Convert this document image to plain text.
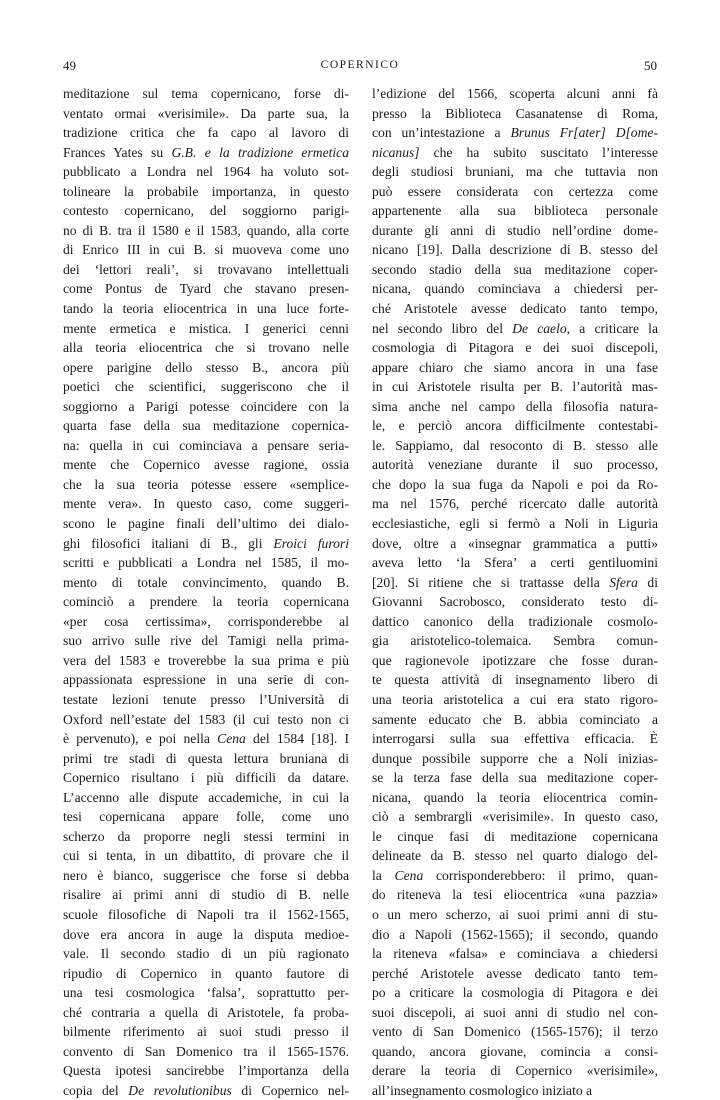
49	COPERNICO	50
meditazione sul tema copernicano, forse di-
ventato ormai «verisimile». Da parte sua, la
tradizione critica che fa capo al lavoro di
Frances Yates su G.B. e la tradizione ermetica
pubblicato a Londra nel 1964 ha voluto sot-
tolineare la probabile importanza, in questo
contesto copernicano, del soggiorno parigi-
no di B. tra il 1580 e il 1583, quando, alla corte
di Enrico III in cui B. si muoveva come uno
dei ‘lettori reali’, si trovavano intellettuali
come Pontus de Tyard che stavano presen-
tando la teoria eliocentrica in una luce forte-
mente ermetica e mistica. I generici cenni
alla teoria eliocentrica che si trovano nelle
opere parigine dello stesso B., ancora più
poetici che scientifici, suggeriscono che il
soggiorno a Parigi potesse coincidere con la
quarta fase della sua meditazione copernica-
na: quella in cui cominciava a pensare seria-
mente che Copernico avesse ragione, ossia
che la sua teoria potesse essere «semplice-
mente vera». In questo caso, come suggeri-
scono le pagine finali dell’ultimo dei dialo-
ghi filosofici italiani di B., gli Eroici furori
scritti e pubblicati a Londra nel 1585, il mo-
mento di totale convincimento, quando B.
cominciò a prendere la teoria copernicana
«per cosa certissima», corrisponderebbe al
suo arrivo sulle rive del Tamigi nella prima-
vera del 1583 e troverebbe la sua prima e più
appassionata espressione in una serie di con-
testate lezioni tenute presso l’Università di
Oxford nell’estate del 1583 (il cui testo non ci
è pervenuto), e poi nella Cena del 1584 [18]. I
primi tre stadi di questa lettura bruniana di
Copernico risultano i più difficili da datare.
L’accenno alle dispute accademiche, in cui la
tesi copernicana appare folle, come uno
scherzo da proporre negli stessi termini in
cui si tenta, in un dibattito, di provare che il
nero è bianco, suggerisce che forse si debba
risalire ai primi anni di studio di B. nelle
scuole filosofiche di Napoli tra il 1562-1565,
dove era ancora in auge la disputa medioe-
vale. Il secondo stadio di un più ragionato
ripudio di Copernico in quanto fautore di
una tesi cosmologica ‘falsa’, soprattutto per-
ché contraria a quella di Aristotele, fa proba-
bilmente riferimento ai suoi studi presso il
convento di San Domenico tra il 1565-1576.
Questa ipotesi sancirebbe l’importanza della
copia del De revolutionibus di Copernico nel-
l’edizione del 1566, scoperta alcuni anni fà
presso la Biblioteca Casanatense di Roma,
con un’intestazione a Brunus Fr[ater] D[ome-
nicanus] che ha subito suscitato l’interesse
degli studiosi bruniani, ma che tuttavia non
può essere considerata con certezza come
appartenente alla sua biblioteca personale
durante gli anni di studio nell’ordine dome-
nicano [19]. Dalla descrizione di B. stesso del
secondo stadio della sua meditazione coper-
nicana, quando cominciava a chiedersi per-
ché Aristotele avesse dedicato tanto tempo,
nel secondo libro del De caelo, a criticare la
cosmologia di Pitagora e dei suoi discepoli,
appare chiaro che siamo ancora in una fase
in cui Aristotele risulta per B. l’autorità mas-
sima anche nel campo della filosofia natura-
le, e perciò ancora difficilmente contestabi-
le. Sappiamo, dal resoconto di B. stesso alle
autorità veneziane durante il suo processo,
che dopo la sua fuga da Napoli e poi da Ro-
ma nel 1576, perché ricercato dalle autorità
ecclesiastiche, egli si fermò a Noli in Liguria
dove, oltre a «insegnar grammatica a putti»
aveva letto ‘la Sfera’ a certi gentiluomini
[20]. Si ritiene che si trattasse della Sfera di
Giovanni Sacrobosco, considerato testo di-
dattico canonico della tradizionale cosmolo-
gia aristotelico-tolemaica. Sembra comun-
que ragionevole ipotizzare che fosse duran-
te questa attività di insegnamento libero di
una teoria aristotelica a cui era stato rigoro-
samente educato che B. abbia cominciato a
interrogarsi sulla sua effettiva efficacia. È
dunque possibile supporre che a Noli inizias-
se la terza fase della sua meditazione coper-
nicana, quando la teoria eliocentrica comin-
ciò a sembrargli «verisimile». In questo caso,
le cinque fasi di meditazione copernicana
delineate da B. stesso nel quarto dialogo del-
la Cena corrisponderebbero: il primo, quan-
do riteneva la tesi eliocentrica «una pazzia»
o un mero scherzo, ai suoi primi anni di stu-
dio a Napoli (1562-1565); il secondo, quando
la riteneva «falsa» e cominciava a chiedersi
perché Aristotele avesse dedicato tanto tem-
po a criticare la cosmologia di Pitagora e dei
suoi discepoli, ai suoi anni di studio nel con-
vento di San Domenico (1565-1576); il terzo
quando, ancora giovane, comincia a consi-
derare la teoria di Copernico «verisimile»,
all’insegnamento cosmologico iniziato a
